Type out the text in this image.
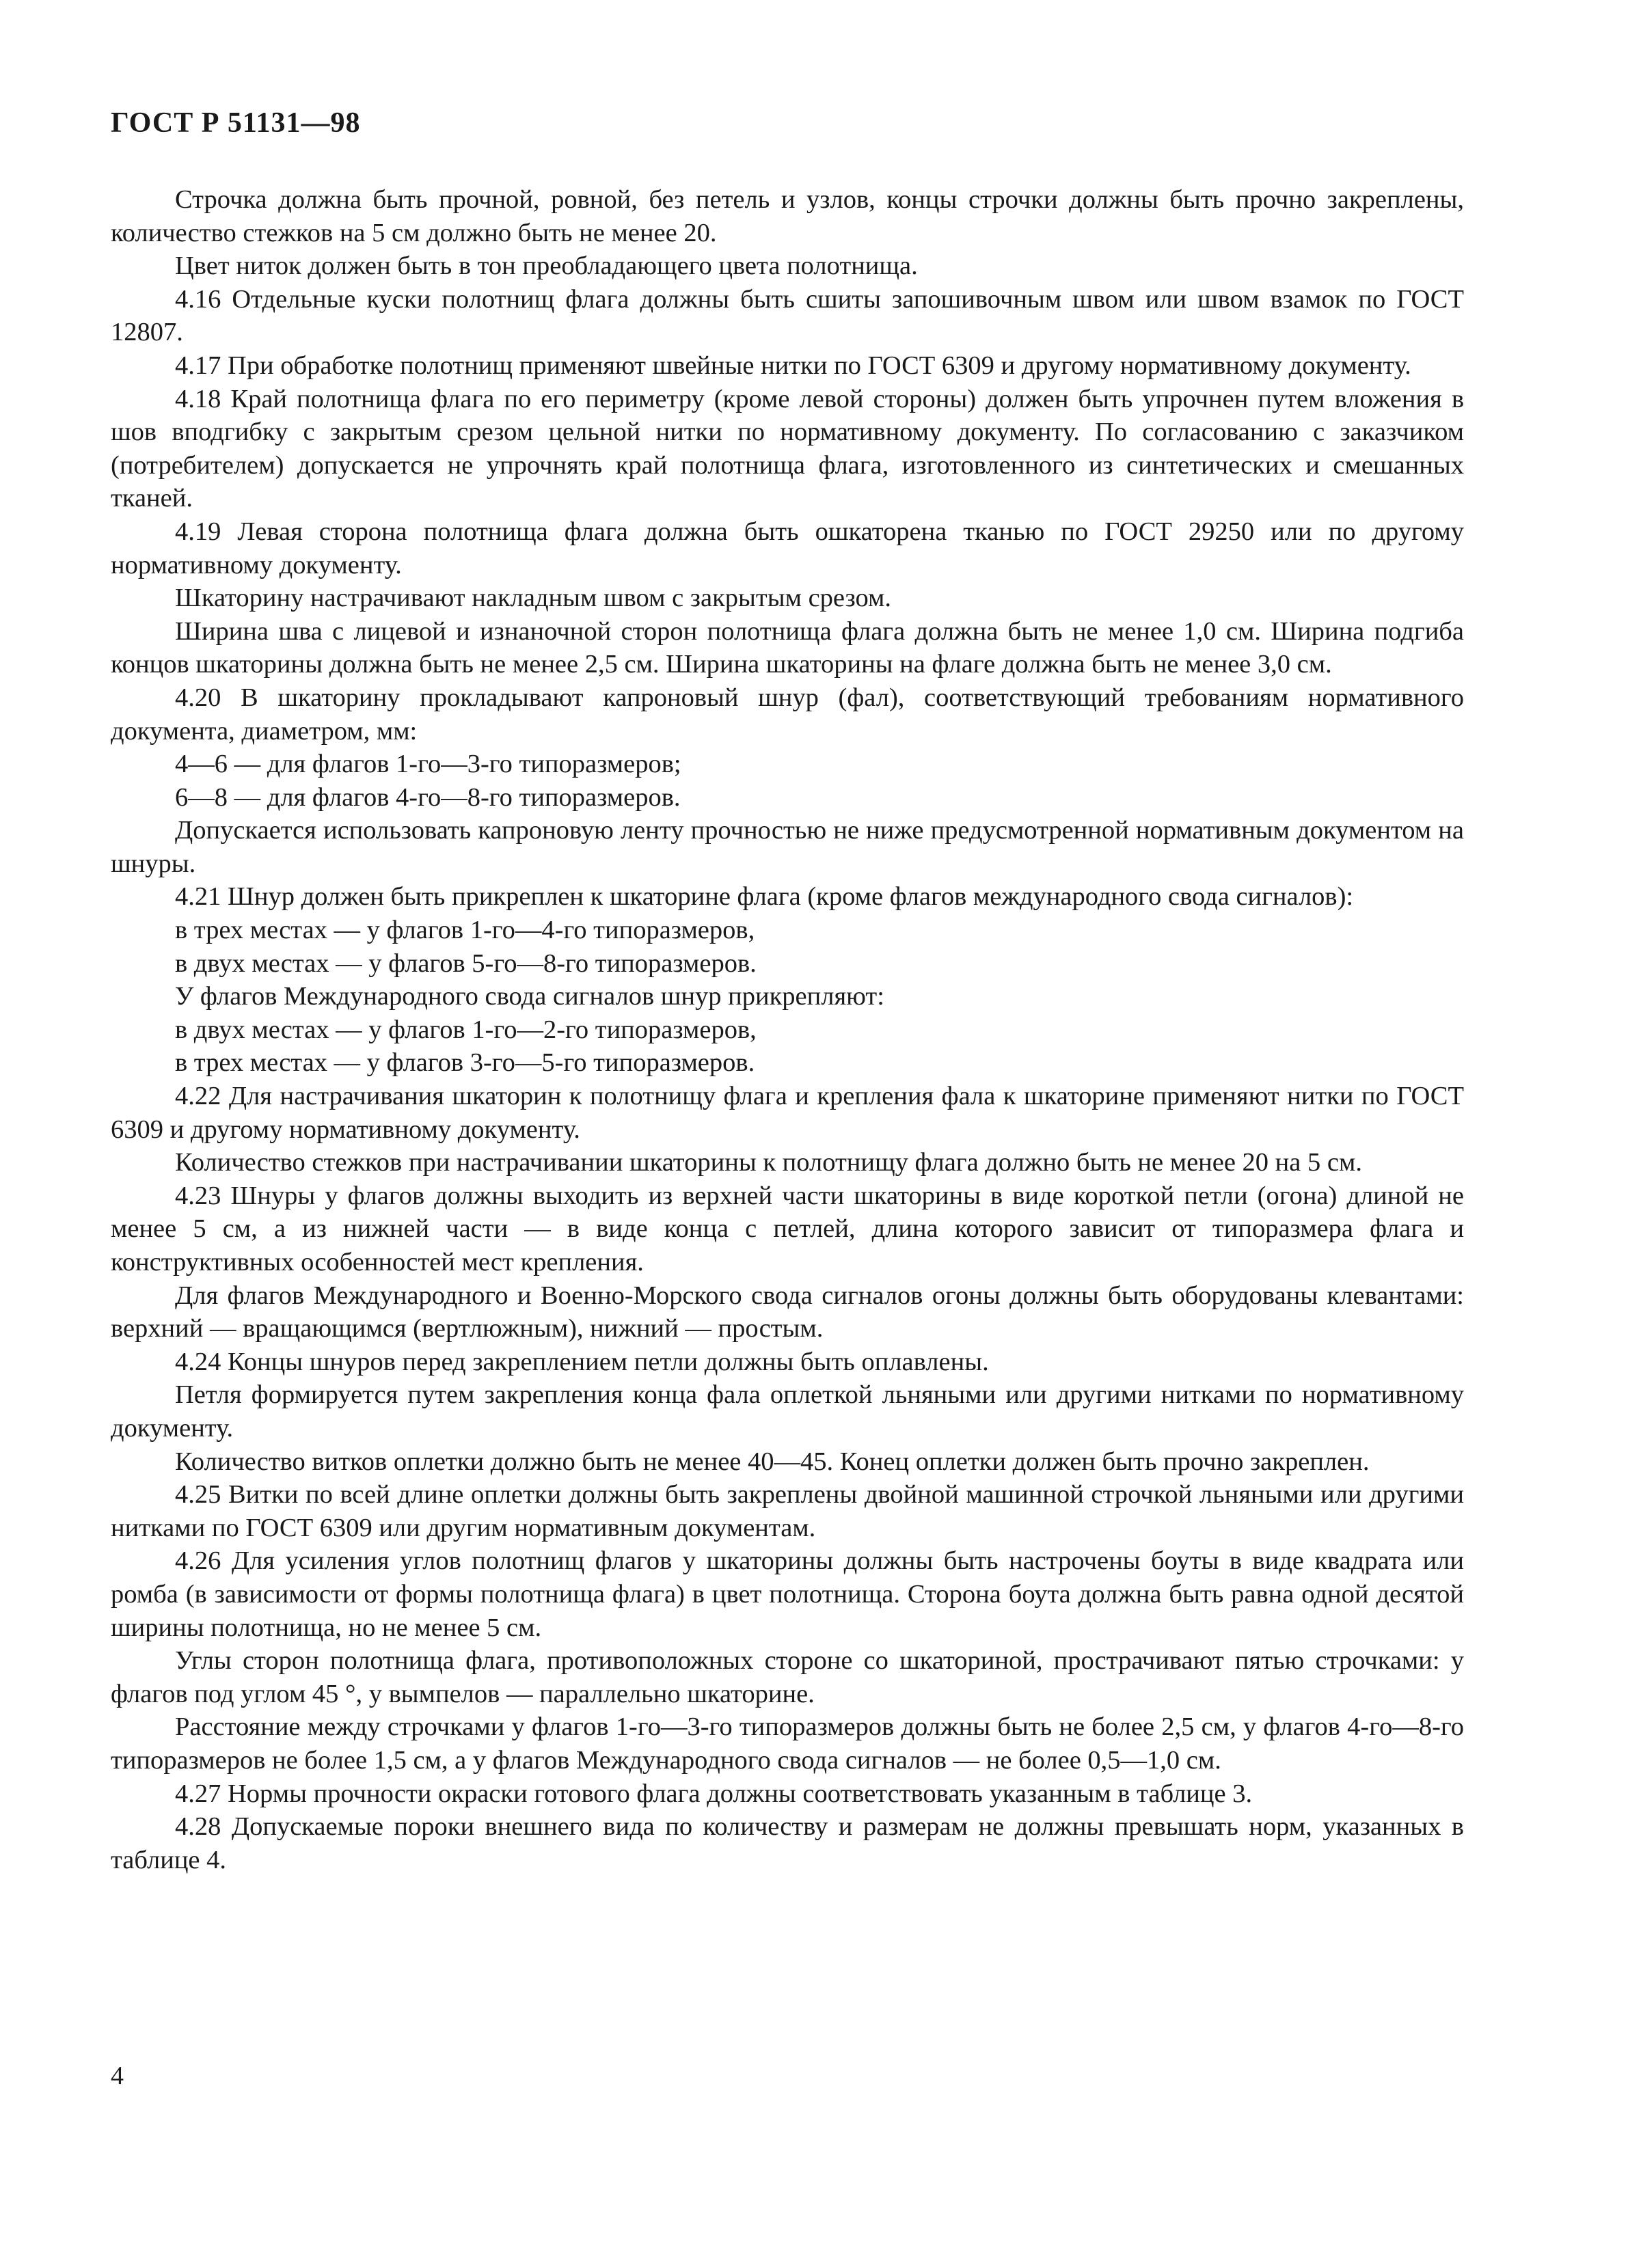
ГОСТ Р 51131—98

Строчка должна быть прочной, ровной, без петель и узлов, концы строчки должны быть прочно закреплены, количество стежков на 5 см должно быть не менее 20.

Цвет ниток должен быть в тон преобладающего цвета полотнища.

4.16 Отдельные куски полотнищ флага должны быть сшиты запошивочным швом или швом взамок по ГОСТ 12807.

4.17 При обработке полотнищ применяют швейные нитки по ГОСТ 6309 и другому нормативному документу.

4.18 Край полотнища флага по его периметру (кроме левой стороны) должен быть упрочнен путем вложения в шов вподгибку с закрытым срезом цельной нитки по нормативному документу. По согласованию с заказчиком (потребителем) допускается не упрочнять край полотнища флага, изготовленного из синтетических и смешанных тканей.

4.19 Левая сторона полотнища флага должна быть ошкаторена тканью по ГОСТ 29250 или по другому нормативному документу.

Шкаторину настрачивают накладным швом с закрытым срезом.

Ширина шва с лицевой и изнаночной сторон полотнища флага должна быть не менее 1,0 см. Ширина подгиба концов шкаторины должна быть не менее 2,5 см. Ширина шкаторины на флаге должна быть не менее 3,0 см.

4.20 В шкаторину прокладывают капроновый шнур (фал), соответствующий требованиям нормативного документа, диаметром, мм:

4—6 — для флагов 1-го—3-го типоразмеров;

6—8 — для флагов 4-го—8-го типоразмеров.

Допускается использовать капроновую ленту прочностью не ниже предусмотренной нормативным документом на шнуры.

4.21 Шнур должен быть прикреплен к шкаторине флага (кроме флагов международного свода сигналов):

в трех местах — у флагов 1-го—4-го типоразмеров,

в двух местах — у флагов 5-го—8-го типоразмеров.

У флагов Международного свода сигналов шнур прикрепляют:

в двух местах — у флагов 1-го—2-го типоразмеров,

в трех местах — у флагов 3-го—5-го типоразмеров.

4.22 Для настрачивания шкаторин к полотнищу флага и крепления фала к шкаторине применяют нитки по ГОСТ 6309 и другому нормативному документу.

Количество стежков при настрачивании шкаторины к полотнищу флага должно быть не менее 20 на 5 см.

4.23 Шнуры у флагов должны выходить из верхней части шкаторины в виде короткой петли (огона) длиной не менее 5 см, а из нижней части — в виде конца с петлей, длина которого зависит от типоразмера флага и конструктивных особенностей мест крепления.

Для флагов Международного и Военно-Морского свода сигналов огоны должны быть оборудованы клевантами: верхний — вращающимся (вертлюжным), нижний — простым.

4.24 Концы шнуров перед закреплением петли должны быть оплавлены.

Петля формируется путем закрепления конца фала оплеткой льняными или другими нитками по нормативному документу.

Количество витков оплетки должно быть не менее 40—45. Конец оплетки должен быть прочно закреплен.

4.25 Витки по всей длине оплетки должны быть закреплены двойной машинной строчкой льняными или другими нитками по ГОСТ 6309 или другим нормативным документам.

4.26 Для усиления углов полотнищ флагов у шкаторины должны быть настрочены боуты в виде квадрата или ромба (в зависимости от формы полотнища флага) в цвет полотнища. Сторона боута должна быть равна одной десятой ширины полотнища, но не менее 5 см.

Углы сторон полотнища флага, противоположных стороне со шкаториной, прострачивают пятью строчками: у флагов под углом 45 °, у вымпелов — параллельно шкаторине.

Расстояние между строчками у флагов 1-го—3-го типоразмеров должны быть не более 2,5 см, у флагов 4-го—8-го типоразмеров не более 1,5 см, а у флагов Международного свода сигналов — не более 0,5—1,0 см.

4.27 Нормы прочности окраски готового флага должны соответствовать указанным в таблице 3.

4.28 Допускаемые пороки внешнего вида по количеству и размерам не должны превышать норм, указанных в таблице 4.

4
